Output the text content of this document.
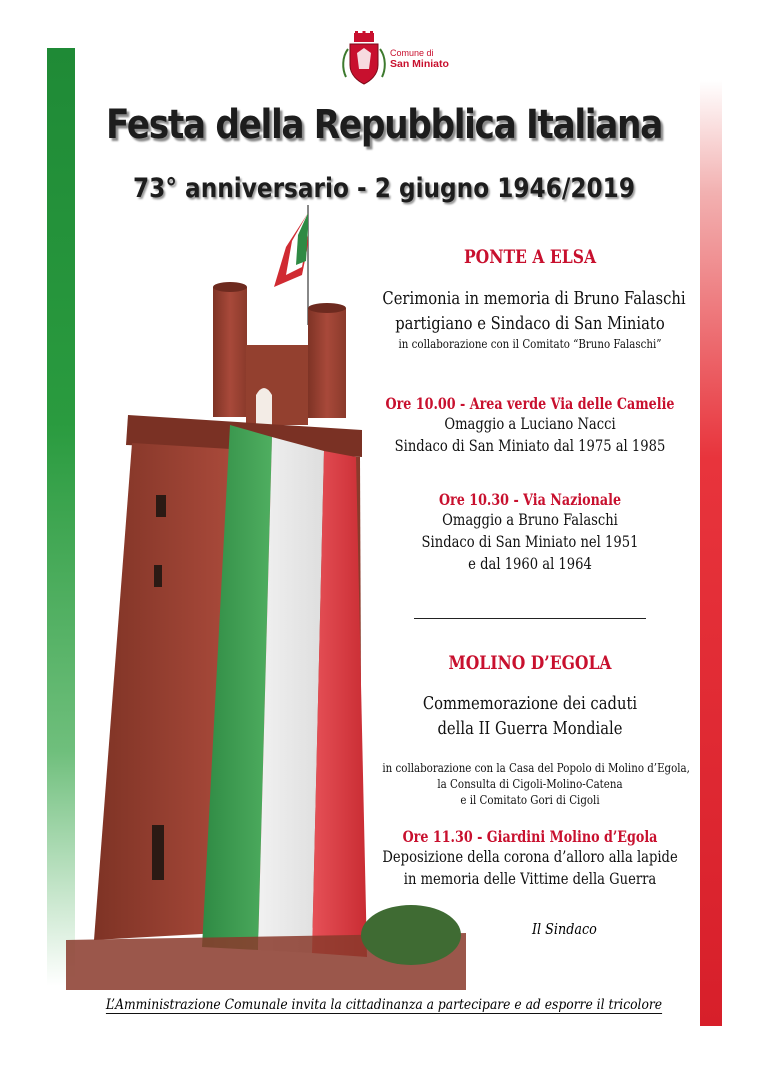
Comune di
San Miniato
Festa della Repubblica Italiana
73° anniversario - 2 giugno 1946/2019
PONTE A ELSA
Cerimonia in memoria di Bruno Falaschi
partigiano e Sindaco di San Miniato
in collaborazione con il Comitato “Bruno Falaschi”
Ore 10.00 - Area verde Via delle Camelie
Omaggio a Luciano Nacci
Sindaco di San Miniato dal 1975 al 1985
Ore 10.30 - Via Nazionale
Omaggio a Bruno Falaschi
Sindaco di San Miniato nel 1951
e dal 1960 al 1964
MOLINO D’EGOLA
Commemorazione dei caduti
della II Guerra Mondiale
in collaborazione con la Casa del Popolo di Molino d’Egola,
la Consulta di Cigoli-Molino-Catena
e il Comitato Gori di Cigoli
Ore 11.30 - Giardini Molino d’Egola
Deposizione della corona d’alloro alla lapide
in memoria delle Vittime della Guerra
Il Sindaco
L’Amministrazione Comunale invita la cittadinanza a partecipare e ad esporre il tricolore
